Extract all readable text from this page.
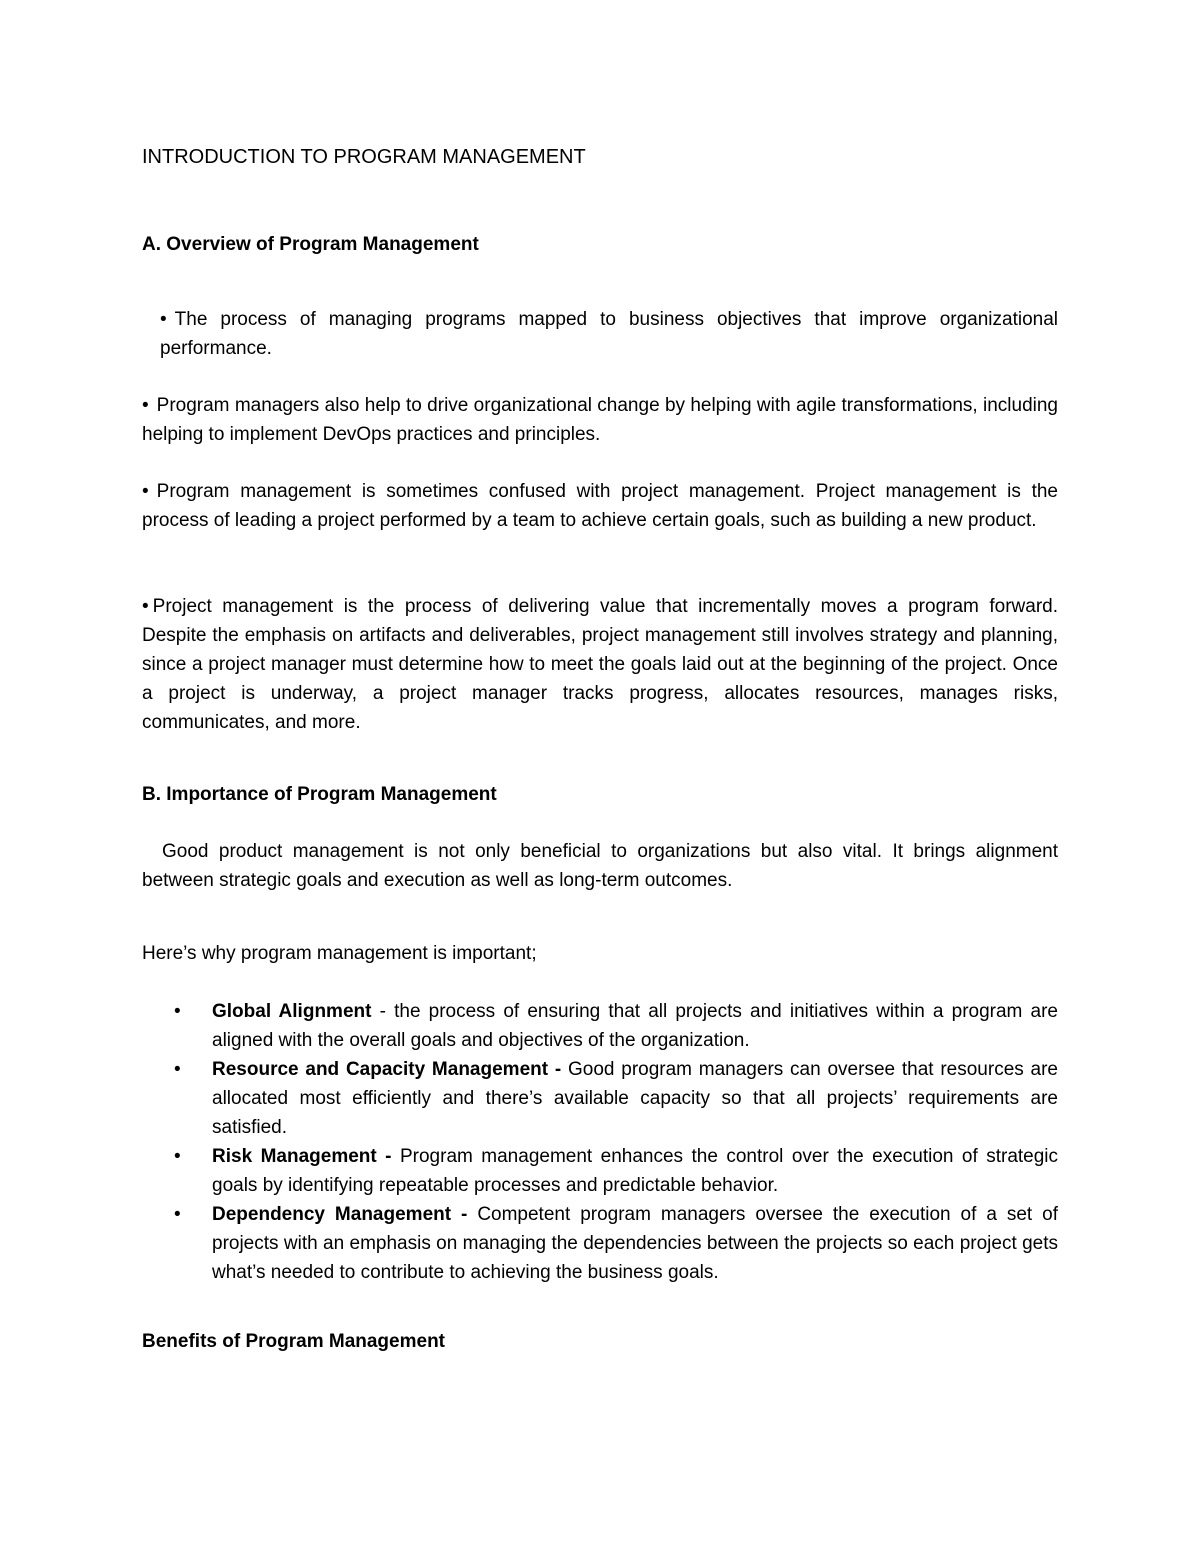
INTRODUCTION TO PROGRAM MANAGEMENT
A. Overview of Program Management
• The process of managing programs mapped to business objectives that improve organizational performance.
• Program managers also help to drive organizational change by helping with agile transformations, including helping to implement DevOps practices and principles.
• Program management is sometimes confused with project management. Project management is the process of leading a project performed by a team to achieve certain goals, such as building a new product.
• Project management is the process of delivering value that incrementally moves a program forward. Despite the emphasis on artifacts and deliverables, project management still involves strategy and planning, since a project manager must determine how to meet the goals laid out at the beginning of the project. Once a project is underway, a project manager tracks progress, allocates resources, manages risks, communicates, and more.
B. Importance of Program Management
Good product management is not only beneficial to organizations but also vital. It brings alignment between strategic goals and execution as well as long-term outcomes.
Here’s why program management is important;
• Global Alignment - the process of ensuring that all projects and initiatives within a program are aligned with the overall goals and objectives of the organization.
• Resource and Capacity Management - Good program managers can oversee that resources are allocated most efficiently and there’s available capacity so that all projects’ requirements are satisfied.
• Risk Management - Program management enhances the control over the execution of strategic goals by identifying repeatable processes and predictable behavior.
• Dependency Management - Competent program managers oversee the execution of a set of projects with an emphasis on managing the dependencies between the projects so each project gets what’s needed to contribute to achieving the business goals.
Benefits of Program Management
